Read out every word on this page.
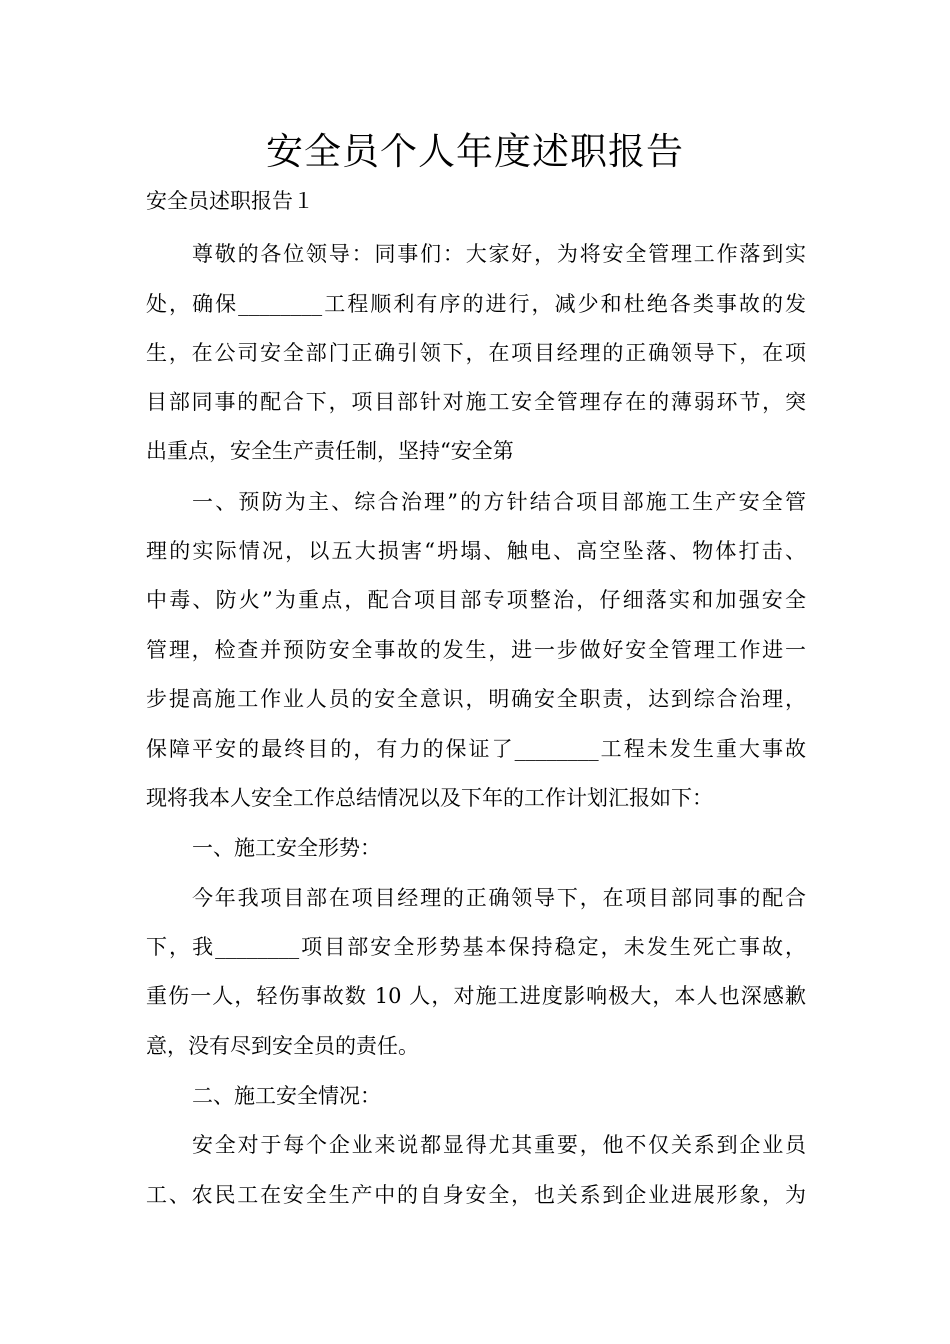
安全员个人年度述职报告

安全员述职报告１

尊敬的各位领导：同事们：大家好，为将安全管理工作落到实

处，确保________工程顺利有序的进行，减少和杜绝各类事故的发

生，在公司安全部门正确引领下，在项目经理的正确领导下，在项

目部同事的配合下，项目部针对施工安全管理存在的薄弱环节，突

出重点，安全生产责任制，坚持“安全第

一、预防为主、综合治理”的方针结合项目部施工生产安全管

理的实际情况，以五大损害“坍塌、触电、高空坠落、物体打击、

中毒、防火”为重点，配合项目部专项整治，仔细落实和加强安全

管理，检查并预防安全事故的发生，进一步做好安全管理工作进一

步提高施工作业人员的安全意识，明确安全职责，达到综合治理，

保障平安的最终目的，有力的保证了________工程未发生重大事故

现将我本人安全工作总结情况以及下年的工作计划汇报如下：

一、施工安全形势：

今年我项目部在项目经理的正确领导下，在项目部同事的配合

下，我________项目部安全形势基本保持稳定，未发生死亡事故，

重伤一人，轻伤事故数 10 人，对施工进度影响极大，本人也深感歉

意，没有尽到安全员的责任。

二、施工安全情况：

安全对于每个企业来说都显得尤其重要，他不仅关系到企业员

工、农民工在安全生产中的自身安全，也关系到企业进展形象，为
